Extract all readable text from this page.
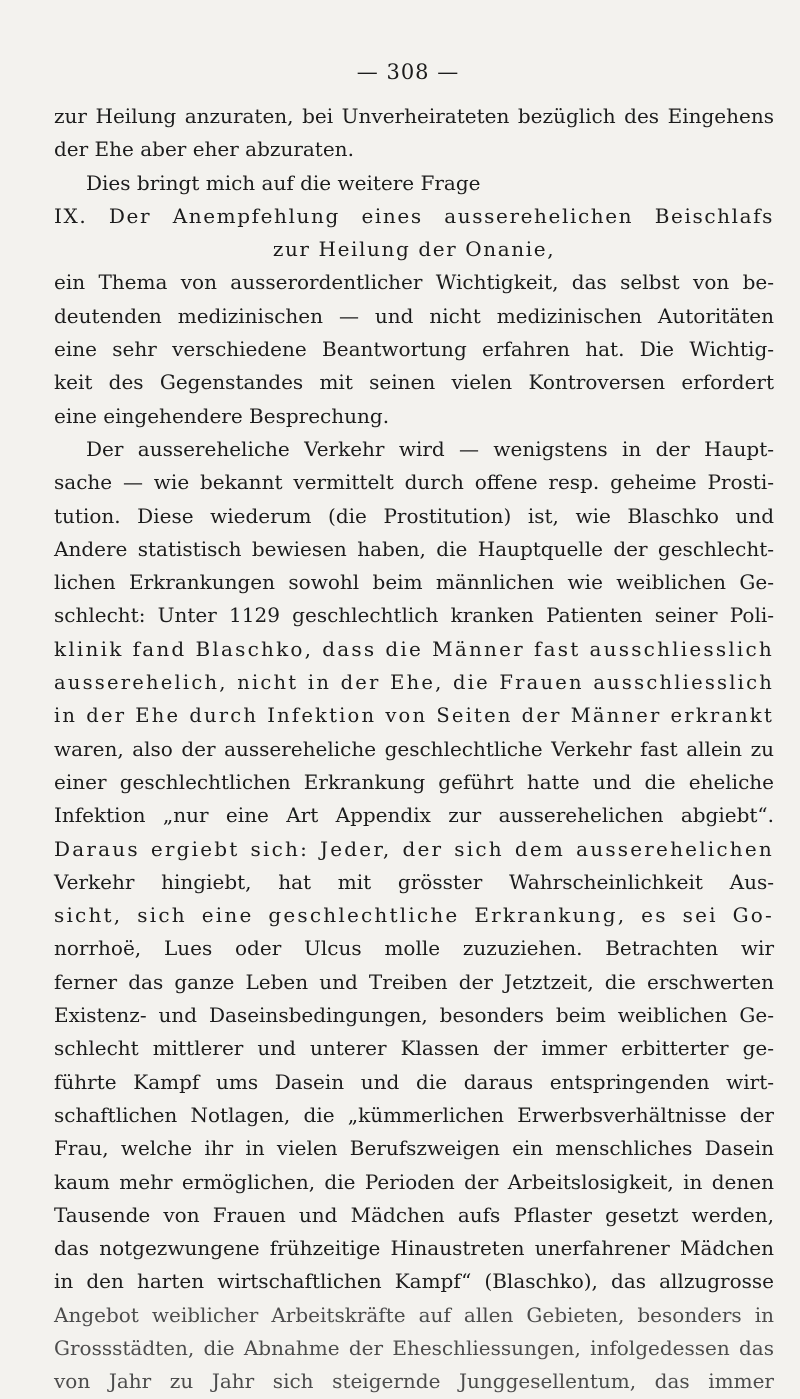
— 308 —
zur Heilung anzuraten, bei Unverheirateten bezüglich des Eingehens
der Ehe aber eher abzuraten.
Dies bringt mich auf die weitere Frage
IX. Der Anempfehlung eines ausserehelichen Beischlafs
zur Heilung der Onanie,
ein Thema von ausserordentlicher Wichtigkeit, das selbst von be-
deutenden medizinischen — und nicht medizinischen Autoritäten
eine sehr verschiedene Beantwortung erfahren hat. Die Wichtig-
keit des Gegenstandes mit seinen vielen Kontroversen erfordert
eine eingehendere Besprechung.
Der aussereheliche Verkehr wird — wenigstens in der Haupt-
sache — wie bekannt vermittelt durch offene resp. geheime Prosti-
tution. Diese wiederum (die Prostitution) ist, wie Blaschko und
Andere statistisch bewiesen haben, die Hauptquelle der geschlecht-
lichen Erkrankungen sowohl beim männlichen wie weiblichen Ge-
schlecht: Unter 1129 geschlechtlich kranken Patienten seiner Poli-
klinik fand Blaschko, dass die Männer fast ausschliesslich
ausserehelich, nicht in der Ehe, die Frauen ausschliesslich
in der Ehe durch Infektion von Seiten der Männer erkrankt
waren, also der aussereheliche geschlechtliche Verkehr fast allein zu
einer geschlechtlichen Erkrankung geführt hatte und die eheliche
Infektion „nur eine Art Appendix zur ausserehelichen abgiebt“.
Daraus ergiebt sich: Jeder, der sich dem ausserehelichen
Verkehr hingiebt, hat mit grösster Wahrscheinlichkeit Aus-
sicht, sich eine geschlechtliche Erkrankung, es sei Go-
norrhoë, Lues oder Ulcus molle zuzuziehen. Betrachten wir
ferner das ganze Leben und Treiben der Jetztzeit, die erschwerten
Existenz- und Daseinsbedingungen, besonders beim weiblichen Ge-
schlecht mittlerer und unterer Klassen der immer erbitterter ge-
führte Kampf ums Dasein und die daraus entspringenden wirt-
schaftlichen Notlagen, die „kümmerlichen Erwerbsverhältnisse der
Frau, welche ihr in vielen Berufszweigen ein menschliches Dasein
kaum mehr ermöglichen, die Perioden der Arbeitslosigkeit, in denen
Tausende von Frauen und Mädchen aufs Pflaster gesetzt werden,
das notgezwungene frühzeitige Hinaustreten unerfahrener Mädchen
in den harten wirtschaftlichen Kampf“ (Blaschko), das allzugrosse
Angebot weiblicher Arbeitskräfte auf allen Gebieten, besonders in
Grossstädten, die Abnahme der Eheschliessungen, infolgedessen das
von Jahr zu Jahr sich steigernde Junggesellentum, das immer
